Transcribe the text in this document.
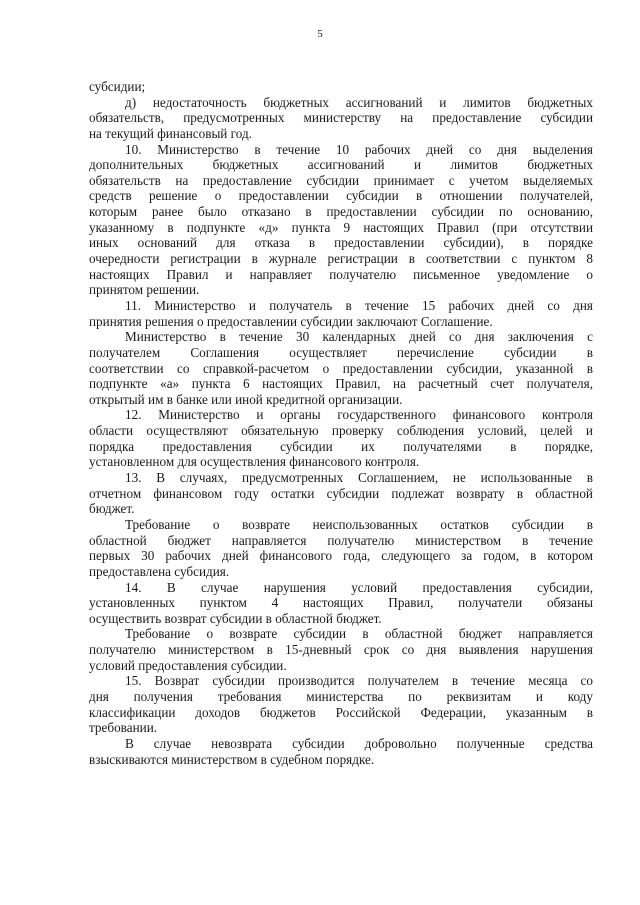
5
субсидии;
д) недостаточность бюджетных ассигнований и лимитов бюджетных
обязательств, предусмотренных министерству на предоставление субсидии
на текущий финансовый год.
10. Министерство в течение 10 рабочих дней со дня выделения
дополнительных бюджетных ассигнований и лимитов бюджетных
обязательств на предоставление субсидии принимает с учетом выделяемых
средств решение о предоставлении субсидии в отношении получателей,
которым ранее было отказано в предоставлении субсидии по основанию,
указанному в подпункте «д» пункта 9 настоящих Правил (при отсутствии
иных оснований для отказа в предоставлении субсидии), в порядке
очередности регистрации в журнале регистрации в соответствии с пунктом 8
настоящих Правил и направляет получателю письменное уведомление о
принятом решении.
11. Министерство и получатель в течение 15 рабочих дней со дня
принятия решения о предоставлении субсидии заключают Соглашение.
Министерство в течение 30 календарных дней со дня заключения с
получателем Соглашения осуществляет перечисление субсидии в
соответствии со справкой-расчетом о предоставлении субсидии, указанной в
подпункте «а» пункта 6 настоящих Правил, на расчетный счет получателя,
открытый им в банке или иной кредитной организации.
12. Министерство и органы государственного финансового контроля
области осуществляют обязательную проверку соблюдения условий, целей и
порядка предоставления субсидии их получателями в порядке,
установленном для осуществления финансового контроля.
13. В случаях, предусмотренных Соглашением, не использованные в
отчетном финансовом году остатки субсидии подлежат возврату в областной
бюджет.
Требование о возврате неиспользованных остатков субсидии в
областной бюджет направляется получателю министерством в течение
первых 30 рабочих дней финансового года, следующего за годом, в котором
предоставлена субсидия.
14. В случае нарушения условий предоставления субсидии,
установленных пунктом 4 настоящих Правил, получатели обязаны
осуществить возврат субсидии в областной бюджет.
Требование о возврате субсидии в областной бюджет направляется
получателю министерством в 15-дневный срок со дня выявления нарушения
условий предоставления субсидии.
15. Возврат субсидии производится получателем в течение месяца со
дня получения требования министерства по реквизитам и коду
классификации доходов бюджетов Российской Федерации, указанным в
требовании.
В случае невозврата субсидии добровольно полученные средства
взыскиваются министерством в судебном порядке.
